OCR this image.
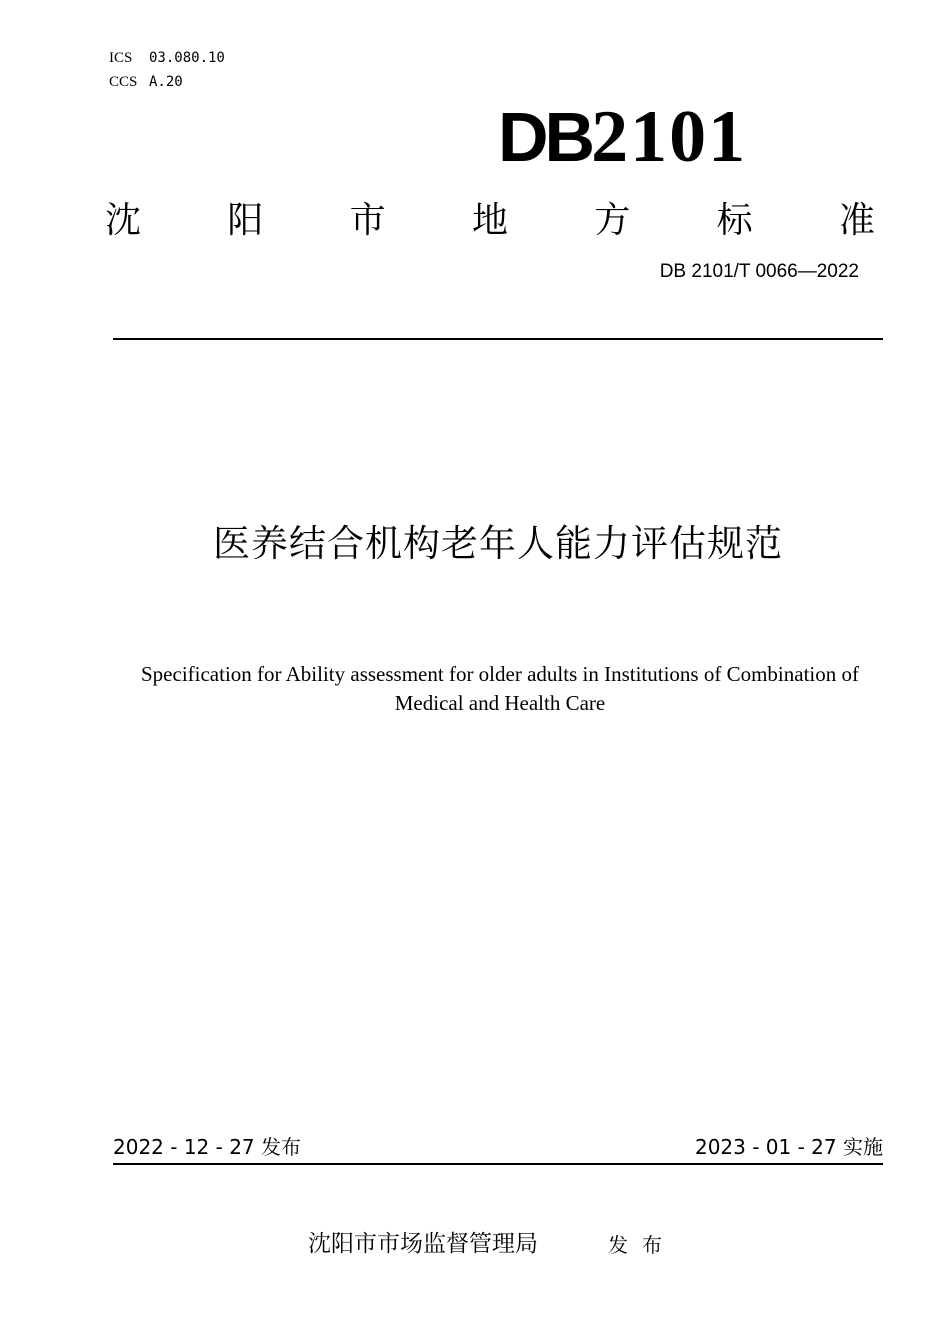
ICS 03.080.10
CCS A.20
DB2101
沈 阳 市 地 方 标 准
DB 2101/T 0066—2022
医养结合机构老年人能力评估规范
Specification for Ability assessment for older adults in Institutions of Combination of
Medical and Health Care
2022 - 12 - 27 发布	2023 - 01 - 27 实施
沈阳市市场监督管理局	发布
